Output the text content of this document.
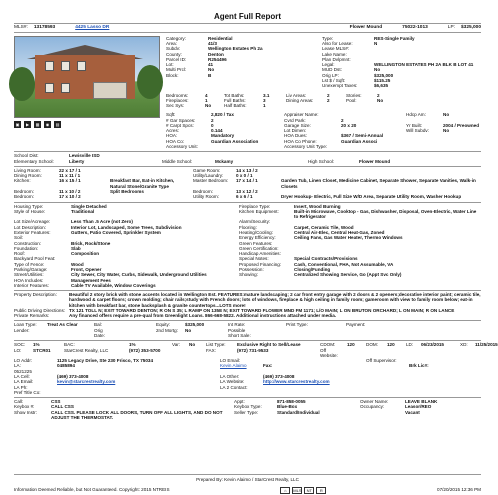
Agent Full Report
MLS#: 13178593	4425 Lasso DR	Flower Mound	75022-1013	LP: $325,000
▣	▶	▦	◉	▤
Category:	Residential
Area:	41/3
Subdv:	Wellington Estates Ph 2a
County:	Denton
Parcel ID:	R254496
Lot:	41
Multi Prcl:	No
Block:	B
Type:	RES-Single Family
Also for Lease:	N
Lease MLS#:
Lake Name:
Plan Dvlpmnt:
Legal:	WELLINGTON ESTATES PH 2A BLK B LOT 41
MUD Dst:	No
Orig LP:	$325,000
Lst $ / Sqft:	$115.25
Unexempt Taxes:	$6,635
Bedrooms:	4	Tot Baths:	3.1	Liv Areas:	2	Stories:	2
Fireplaces:	1	Full Baths:	3	Dining Areas:	2	Pool:	No
Sec Sys:	No	Half Baths:	1
Sqft:	2,820 / Tax	Appraiser Name:	Hdcp Am:	No
# Gar Spaces:	2	Cvrd Park:	2
# Carpt Spcs:	0	Garage Size:	20 x 20	Yr Built:	2004 / Preowned
Acres:	0.144	Lot Dimen:	Will Subdv:	No
HOA:	Mandatory	HOA Dues:	$367 / Semi-Annual
HOA Co:	Guardian Association	HOA Co Phone:	Guardian Associ
Accessory Unit:	Accessory Unit Type:
School Dist:	Lewisville ISD
Elementary School:	Liberty	Middle School:	Mckamy	High School:	Flower Mound
Living Room:	22 x 17 / 1	Game Room:	14 x 13 / 2
Dining Room:	11 x 11 / 1	Utility/Laundry:	0 x 0 / 1
Kitchen:	16 x 15 / 1	Breakfast Bar, Eat-in Kitchen, Natural Stone/Granite Type
Master Bedroom:	17 x 14 / 1	Garden Tub, Linen Closet, Medicine Cabinet, Separate Shower, Separate Vanities, Walk-in Closets
Bedroom:	11 x 10 / 2	Split Bedrooms	Bedroom:	13 x 12 / 2
Bedroom:	17 x 10 / 2	Utility Room:	6 x 6 / 1	Dryer Hookup- Electric, Full Size W/D Area, Separate Utility Room, Washer Hookup
Housing Type:	Single Detached	Fireplace Type:	Insert, Wood Burning
Style of House:	Traditional	Kitchen Equipment:	Built-in Microwave, Cooktop - Gas, Dishwasher, Disposal, Oven-Electric, Water Line to Refrigerator
Lot Size/Acreage:	Less Than .5 Acre (not Zero)	Alarm/Security:
Lot Description:	Interior Lot, Landscaped, Some Trees, Subdivision	Flooring:	Carpet, Ceramic Tile, Wood
Exterior Features:	Gutters, Patio Covered, Sprinkler System	Heating/Cooling:	Central Air-Elec, Central Heat-Gas, Zoned
Soil:	Energy Efficiency:	Ceiling Fans, Gas Water Heater, Thermo Windows
Construction:	Brick, Rock/Stone	Green Features:
Foundation:	Slab	Green Certification:
Roof:	Composition	Handicap Amenities:
Backyard Pool Feat:	Special Notes:	Special Contracts/Provisions
Type of Fence:	Wood	Proposed Financing:	Cash, Conventional, FHA, Not Assumable, VA
Parking/Garage:	Front, Opener	Possession:	Closing/Funding
Street/Utilities:	City Sewer, City Water, Curbs, Sidewalk, Underground Utilities	Showing:	Centralized Showing Service, Go (Appt Svc Only)
HOA Includes:	Management Fees
Interior Features:	Cable TV Available, Window Coverings
Property Description:	Beautiful 2 story brick with stone accents located in Wellington Est. FEATURES:mature landscaping; 2 car front entry garage with 2 doors & 2 openers;decorative interior paint; ceramic tile, hardwood & carpet floors; crown molding; chair rails;study with French doors; lots of windows, fireplace & high ceiling in family room; gameroom with view to family room below; eat-in kitchen with breakfast bar, stone backsplash & granite countertops...LOTS more!
Public Driving Directions: TX 121 TOLL N; EXIT TOWARD DENTON; R ON S 35; L RAMP ON 135E N; EXIT TOWARD FLOWER MND FM 1171; L/O MAIN; L ON BRUTON ORCHARD; L ON MAIN; R ON LANCE
Private Remarks:	Any financed offers require a pre-qual from Greenlight Loans. 866-668-5822. Additional instructions attached under media.
Loan Type:	Treat As Clear	Bal:	Equity:	$325,000	Int Rate:	Print Type:	Payment:
Lender:	Orig Date:
2nd Mortg:	No	Possible Short Sale:
SOC:	1%	BAC:	1%	Var:	No	List Type:	Exclusive Right to Sell/Lease	CDOM:	120	DOM:	120	LD:	06/23/2015	XD:	11/25/2015
LO:	STCR01	StarCrest Realty, LLC	(972) 353-5700	FAX:	(972) 731-9533	Off Website:
LO Addr:	1125 Legacy Drive, Ste 230 Frisco, TX 75034	LO Email:	Off Supervisor:
LA:	0485894	Kevin Alaimo	Fax:	Brk Lic#:
0521225
LA Cell:	(469) 373-4008	LA Other:	(469) 373-4008
LA Email:	kevin@starcrestrealty.com	LA Website:	http://www.starcrestrealty.com
LA Ph:	LA 2 Contact:
Pref Title Co:
Call:	CSS	Appt:	871-858-0055	Owner Name:	LEAVE BLANK
Keybox #:	CALL CSS	Keybox Type:	Blue-Box	Occupancy:	Leasor/REO
Show Instr:	CALL CSS. PLEASE LOCK ALL DOORS, TURN OFF ALL LIGHTS, AND DO NOT ADJUST THE THERMOSTAT.
Seller Type:	Standard/Individual	Vacant
Prepared By: Kevin Alaimo / StarCrest Realty, LLC
Information Deemed Reliable, but Not Guaranteed. Copyright: 2015 NTREIS	⌂	MLS	NT	R	07/20/2015 12:36 PM
